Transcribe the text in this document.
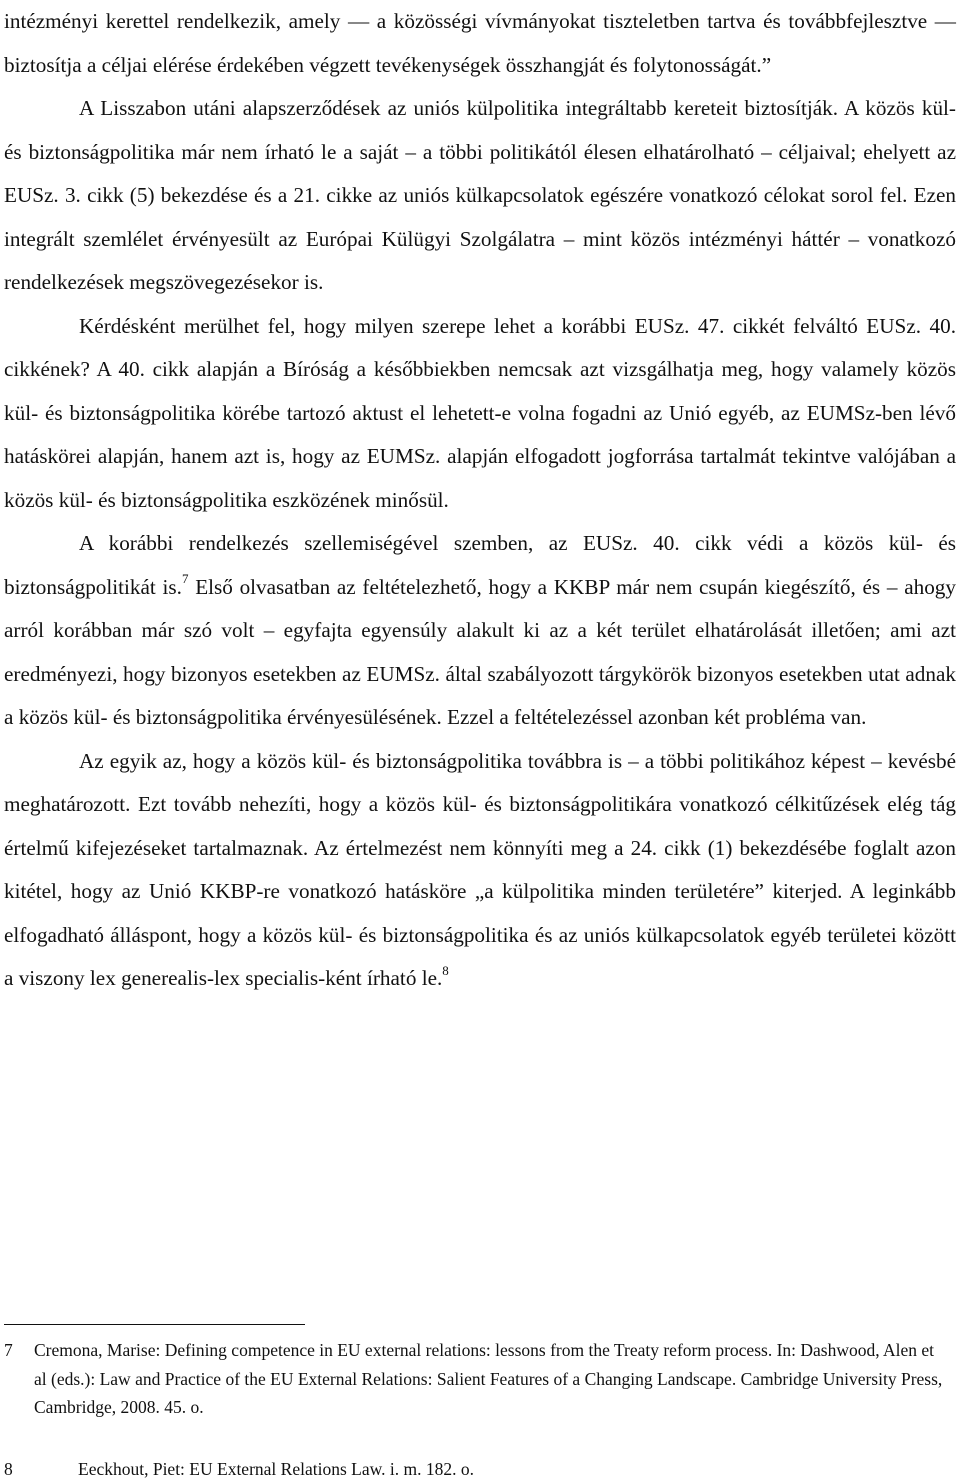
intézményi kerettel rendelkezik, amely — a közösségi vívmányokat tiszteletben tartva és továbbfejlesztve — biztosítja a céljai elérése érdekében végzett tevékenységek összhangját és folytonosságát.”

A Lisszabon utáni alapszerződések az uniós külpolitika integráltabb kereteit biztosítják. A közös kül- és biztonságpolitika már nem írható le a saját – a többi politikától élesen elhatárolható – céljaival; ehelyett az EUSz. 3. cikk (5) bekezdése és a 21. cikke az uniós külkapcsolatok egészére vonatkozó célokat sorol fel. Ezen integrált szemlélet érvényesült az Európai Külügyi Szolgálatra – mint közös intézményi háttér – vonatkozó rendelkezések megszövegezésekor is.

Kérdésként merülhet fel, hogy milyen szerepe lehet a korábbi EUSz. 47. cikkét felváltó EUSz. 40. cikkének? A 40. cikk alapján a Bíróság a későbbiekben nemcsak azt vizsgálhatja meg, hogy valamely közös kül- és biztonságpolitika körébe tartozó aktust el lehetett-e volna fogadni az Unió egyéb, az EUMSz-ben lévő hatáskörei alapján, hanem azt is, hogy az EUMSz. alapján elfogadott jogforrása tartalmát tekintve valójában a közös kül- és biztonságpolitika eszközének minősül.

A korábbi rendelkezés szellemiségével szemben, az EUSz. 40. cikk védi a közös kül- és biztonságpolitikát is.$^7$ Első olvasatban az feltételezhető, hogy a KKBP már nem csupán kiegészítő, és – ahogy arról korábban már szó volt – egyfajta egyensúly alakult ki az a két terület elhatárolását illetően; ami azt eredményezi, hogy bizonyos esetekben az EUMSz. által szabályozott tárgykörök bizonyos esetekben utat adnak a közös kül- és biztonságpolitika érvényesülésének. Ezzel a feltételezéssel azonban két probléma van.

Az egyik az, hogy a közös kül- és biztonságpolitika továbbra is – a többi politikához képest – kevésbé meghatározott. Ezt tovább nehezíti, hogy a közös kül- és biztonságpolitikára vonatkozó célkitűzések elég tág értelmű kifejezéseket tartalmaznak. Az értelmezést nem könnyíti meg a 24. cikk (1) bekezdésébe foglalt azon kitétel, hogy az Unió KKBP-re vonatkozó hatásköre „a külpolitika minden területére” kiterjed. A leginkább elfogadható álláspont, hogy a közös kül- és biztonságpolitika és az uniós külkapcsolatok egyéb területei között a viszony lex generealis-lex specialis-ként írható le.$^8$

7	Cremona, Marise: Defining competence in EU external relations: lessons from the Treaty reform process. In: Dashwood, Alen et al (eds.): Law and Practice of the EU External Relations: Salient Features of a Changing Landscape. Cambridge University Press, Cambridge, 2008. 45. o.
8	Eeckhout, Piet: EU External Relations Law. i. m. 182. o.
